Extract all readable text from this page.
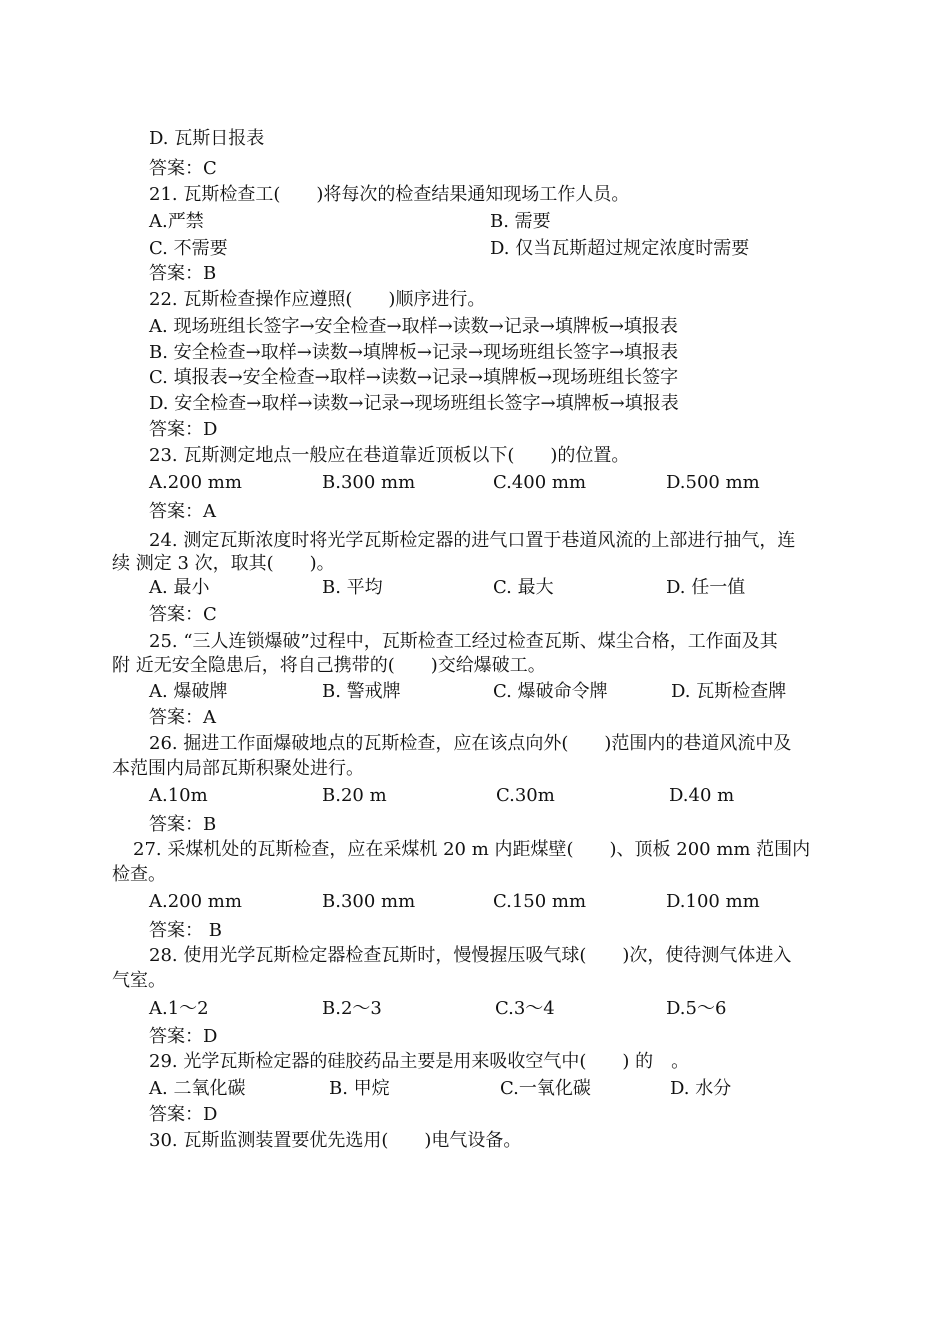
D. 瓦斯日报表
答案：C
21. 瓦斯检查工(　　)将每次的检查结果通知现场工作人员。
A.严禁	B. 需要
C. 不需要	D. 仅当瓦斯超过规定浓度时需要
答案：B
22. 瓦斯检查操作应遵照(　　)顺序进行。
A. 现场班组长签字→安全检查→取样→读数→记录→填牌板→填报表
B. 安全检查→取样→读数→填牌板→记录→现场班组长签字→填报表
C. 填报表→安全检查→取样→读数→记录→填牌板→现场班组长签字
D. 安全检查→取样→读数→记录→现场班组长签字→填牌板→填报表
答案：D
23. 瓦斯测定地点一般应在巷道靠近顶板以下(　　)的位置。
A.200 mm	B.300 mm	C.400 mm	D.500 mm
答案：A
24. 测定瓦斯浓度时将光学瓦斯检定器的进气口置于巷道风流的上部进行抽气，连
续 测定 3 次，取其(　　)。
A. 最小	B. 平均	C. 最大	D. 任一值
答案：C
25. “三人连锁爆破”过程中，瓦斯检查工经过检查瓦斯、煤尘合格，工作面及其
附 近无安全隐患后，将自己携带的(　　)交给爆破工。
A. 爆破牌	B. 警戒牌	C. 爆破命令牌	D. 瓦斯检查牌
答案：A
26. 掘进工作面爆破地点的瓦斯检查，应在该点向外(　　)范围内的巷道风流中及
本范围内局部瓦斯积聚处进行。
A.10m	B.20 m	C.30m	D.40 m
答案：B
27. 采煤机处的瓦斯检查，应在采煤机 20 m 内距煤壁(　　)、顶板 200 mm 范围内
检查。
A.200 mm	B.300 mm	C.150 mm	D.100 mm
答案： B
28. 使用光学瓦斯检定器检查瓦斯时，慢慢握压吸气球(　　)次，使待测气体进入
气室。
A.1～2	B.2～3	C.3～4	D.5～6
答案：D
29. 光学瓦斯检定器的硅胶药品主要是用来吸收空气中(　　) 的　。
A. 二氧化碳	B. 甲烷	C.一氧化碳	D. 水分
答案：D
30. 瓦斯监测装置要优先选用(　　)电气设备。
